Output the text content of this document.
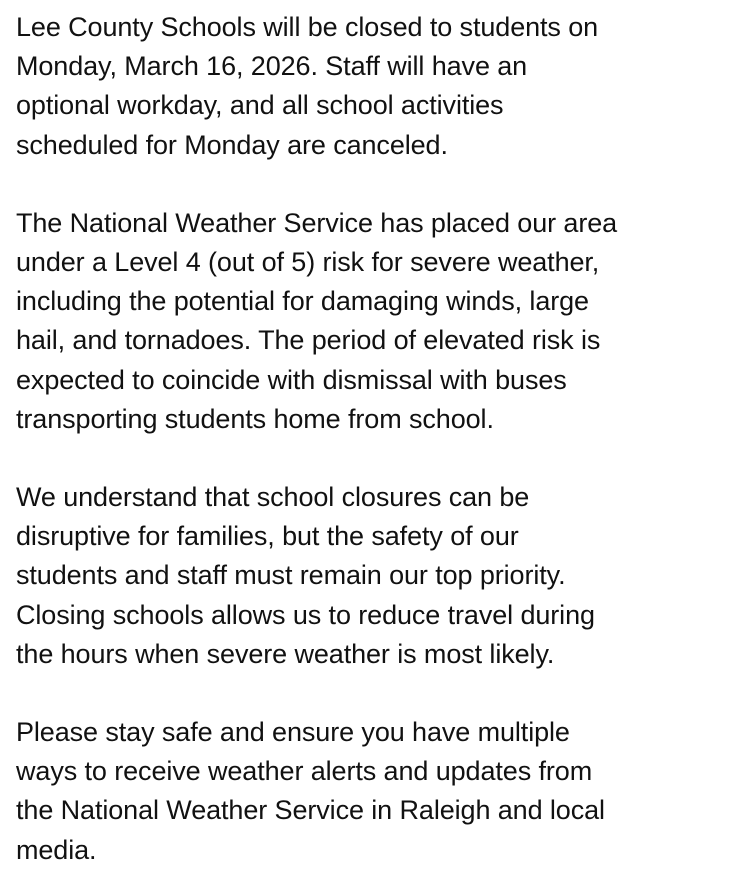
Lee County Schools will be closed to students on
Monday, March 16, 2026. Staff will have an
optional workday, and all school activities
scheduled for Monday are canceled.

The National Weather Service has placed our area
under a Level 4 (out of 5) risk for severe weather,
including the potential for damaging winds, large
hail, and tornadoes. The period of elevated risk is
expected to coincide with dismissal with buses
transporting students home from school.

We understand that school closures can be
disruptive for families, but the safety of our
students and staff must remain our top priority.
Closing schools allows us to reduce travel during
the hours when severe weather is most likely.

Please stay safe and ensure you have multiple
ways to receive weather alerts and updates from
the National Weather Service in Raleigh and local
media.
